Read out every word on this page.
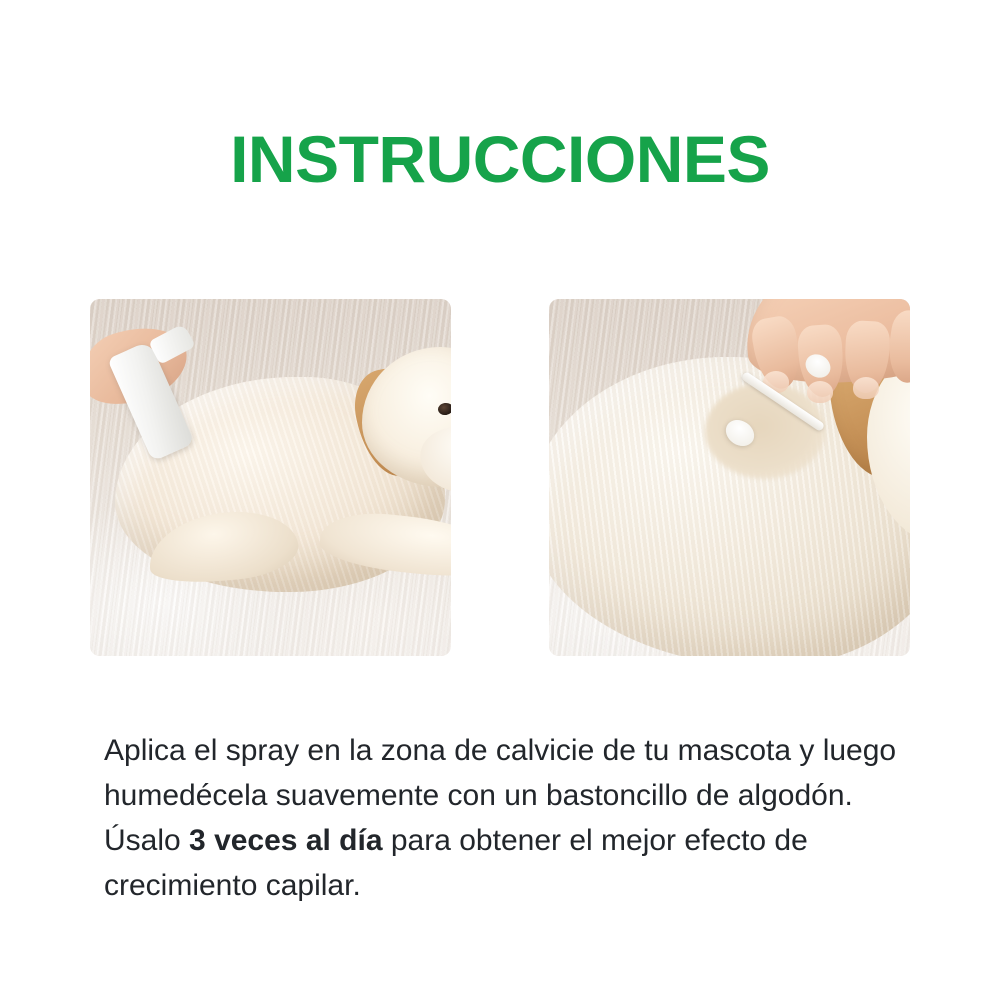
INSTRUCCIONES

Aplica el spray en la zona de calvicie de tu mascota y luego humedécela suavemente con un bastoncillo de algodón. Úsalo 3 veces al día para obtener el mejor efecto de crecimiento capilar.
